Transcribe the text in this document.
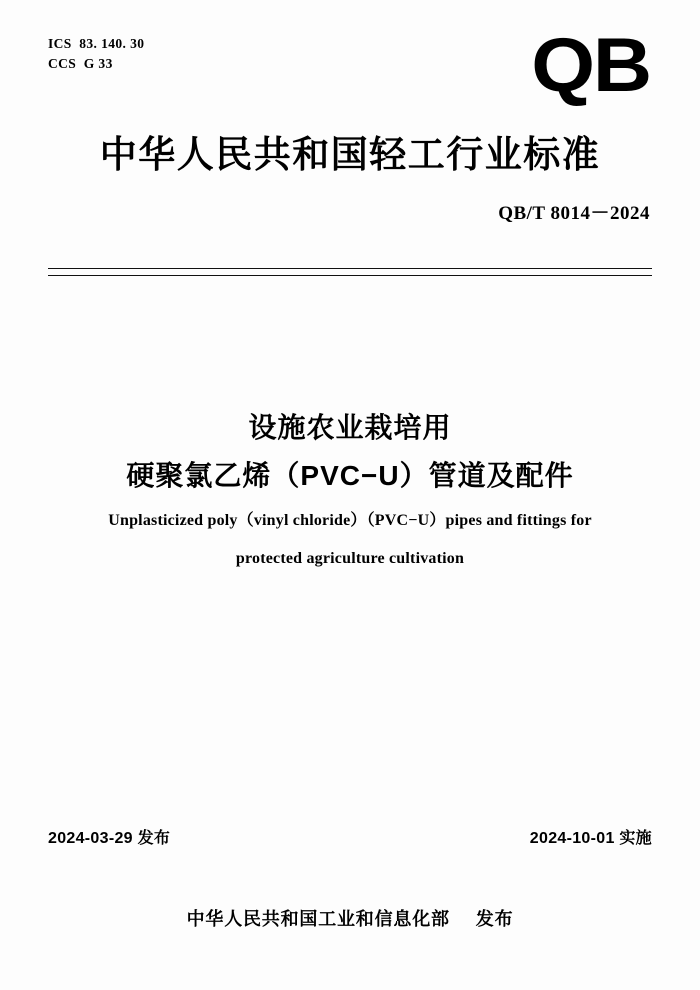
ICS  83. 140. 30
CCS  G 33	QB
中华人民共和国轻工行业标准
QB/T 8014－2024
设施农业栽培用
硬聚氯乙烯（PVC−U）管道及配件
Unplasticized poly（vinyl chloride）（PVC−U）pipes and fittings for
protected agriculture cultivation
2024-03-29 发布	2024-10-01 实施
中华人民共和国工业和信息化部 发布
